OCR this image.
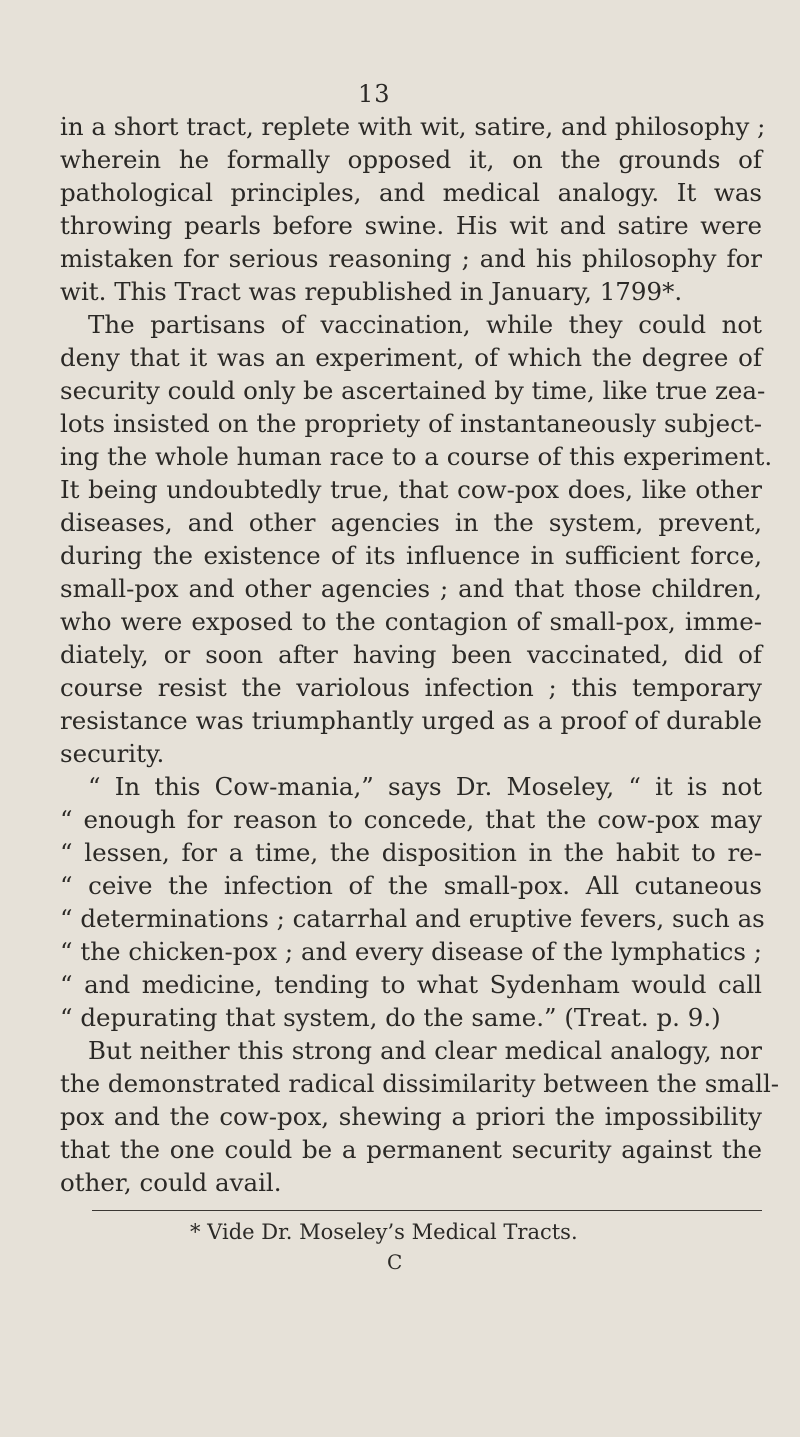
13
in a short tract, replete with wit, satire, and philosophy ;
wherein he formally opposed it, on the grounds of
pathological principles, and medical analogy. It was
throwing pearls before swine. His wit and satire were
mistaken for serious reasoning ; and his philosophy for
wit. This Tract was republished in January, 1799*.
The partisans of vaccination, while they could not
deny that it was an experiment, of which the degree of
security could only be ascertained by time, like true zea-
lots insisted on the propriety of instantaneously subject-
ing the whole human race to a course of this experiment.
It being undoubtedly true, that cow-pox does, like other
diseases, and other agencies in the system, prevent,
during the existence of its influence in sufficient force,
small-pox and other agencies ; and that those children,
who were exposed to the contagion of small-pox, imme-
diately, or soon after having been vaccinated, did of
course resist the variolous infection ; this temporary
resistance was triumphantly urged as a proof of durable
security.
“ In this Cow-mania,” says Dr. Moseley, “ it is not
“ enough for reason to concede, that the cow-pox may
“ lessen, for a time, the disposition in the habit to re-
“ ceive the infection of the small-pox. All cutaneous
“ determinations ; catarrhal and eruptive fevers, such as
“ the chicken-pox ; and every disease of the lymphatics ;
“ and medicine, tending to what Sydenham would call
“ depurating that system, do the same.” (Treat. p. 9.)
But neither this strong and clear medical analogy, nor
the demonstrated radical dissimilarity between the small-
pox and the cow-pox, shewing a priori the impossibility
that the one could be a permanent security against the
other, could avail.
* Vide Dr. Moseley’s Medical Tracts.
C
